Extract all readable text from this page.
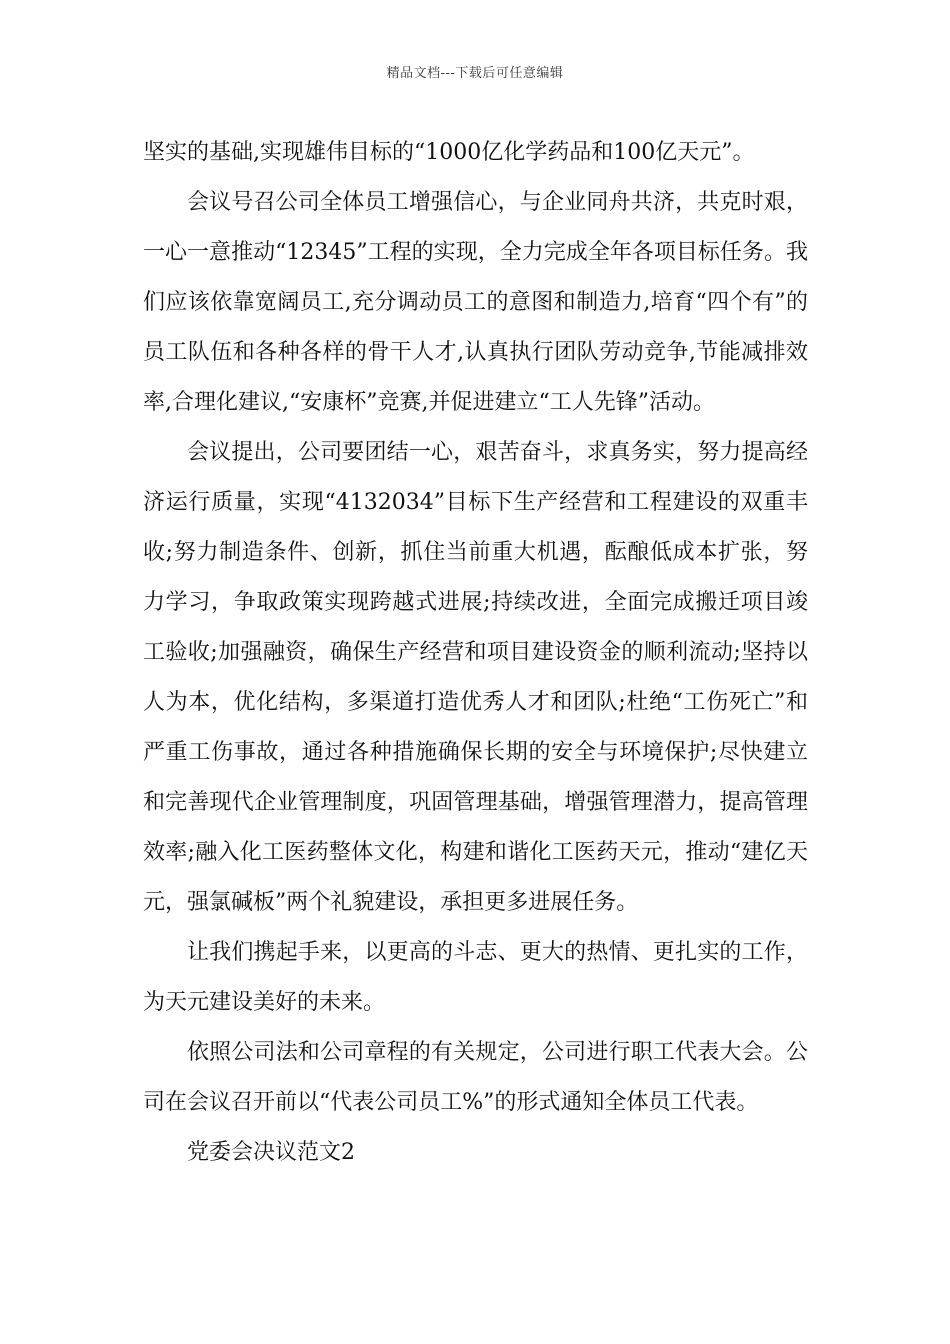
精品文档---下载后可任意编辑

坚实的基础,实现雄伟目标的“1000亿化学药品和100亿天元”。

会议号召公司全体员工增强信心，与企业同舟共济，共克时艰，一心一意推动“12345”工程的实现，全力完成全年各项目标任务。我们应该依靠宽阔员工,充分调动员工的意图和制造力,培育“四个有”的员工队伍和各种各样的骨干人才,认真执行团队劳动竞争,节能减排效率,合理化建议,“安康杯”竞赛,并促进建立“工人先锋”活动。

会议提出，公司要团结一心，艰苦奋斗，求真务实，努力提高经济运行质量，实现“4132034”目标下生产经营和工程建设的双重丰收;努力制造条件、创新，抓住当前重大机遇，酝酿低成本扩张，努力学习，争取政策实现跨越式进展;持续改进，全面完成搬迁项目竣工验收;加强融资，确保生产经营和项目建设资金的顺利流动;坚持以人为本，优化结构，多渠道打造优秀人才和团队;杜绝“工伤死亡”和严重工伤事故，通过各种措施确保长期的安全与环境保护;尽快建立和完善现代企业管理制度，巩固管理基础，增强管理潜力，提高管理效率;融入化工医药整体文化，构建和谐化工医药天元，推动“建亿天元，强氯碱板”两个礼貌建设，承担更多进展任务。

让我们携起手来，以更高的斗志、更大的热情、更扎实的工作，为天元建设美好的未来。

依照公司法和公司章程的有关规定，公司进行职工代表大会。公司在会议召开前以“代表公司员工%”的形式通知全体员工代表。

党委会决议范文2
